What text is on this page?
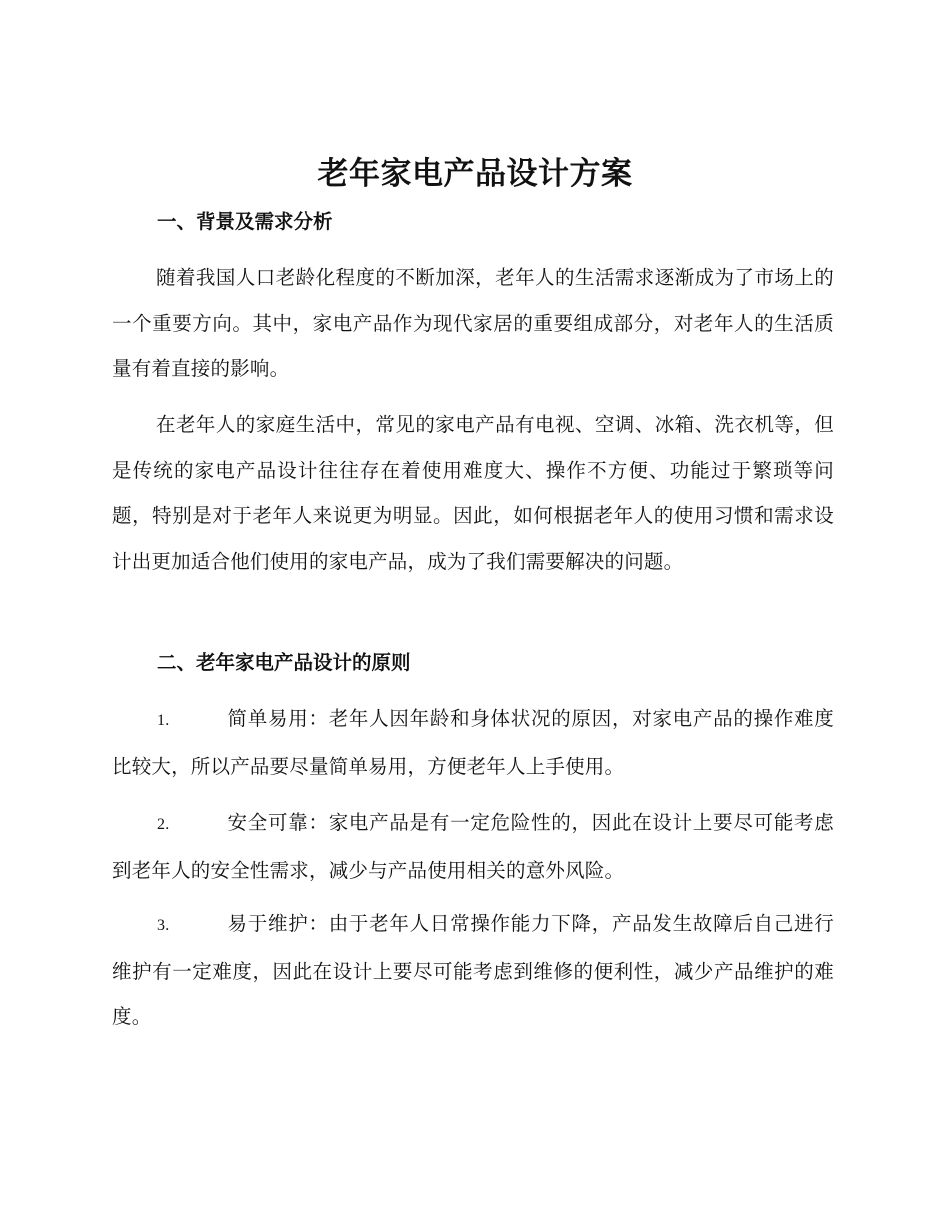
老年家电产品设计方案
一、背景及需求分析

随着我国人口老龄化程度的不断加深，老年人的生活需求逐渐成为了市场上的一个重要方向。其中，家电产品作为现代家居的重要组成部分，对老年人的生活质量有着直接的影响。

在老年人的家庭生活中，常见的家电产品有电视、空调、冰箱、洗衣机等，但是传统的家电产品设计往往存在着使用难度大、操作不方便、功能过于繁琐等问题，特别是对于老年人来说更为明显。因此，如何根据老年人的使用习惯和需求设计出更加适合他们使用的家电产品，成为了我们需要解决的问题。

二、老年家电产品设计的原则
1.	简单易用：老年人因年龄和身体状况的原因，对家电产品的操作难度比较大，所以产品要尽量简单易用，方便老年人上手使用。
2.	安全可靠：家电产品是有一定危险性的，因此在设计上要尽可能考虑到老年人的安全性需求，减少与产品使用相关的意外风险。
3.	易于维护：由于老年人日常操作能力下降，产品发生故障后自己进行维护有一定难度，因此在设计上要尽可能考虑到维修的便利性，减少产品维护的难度。
